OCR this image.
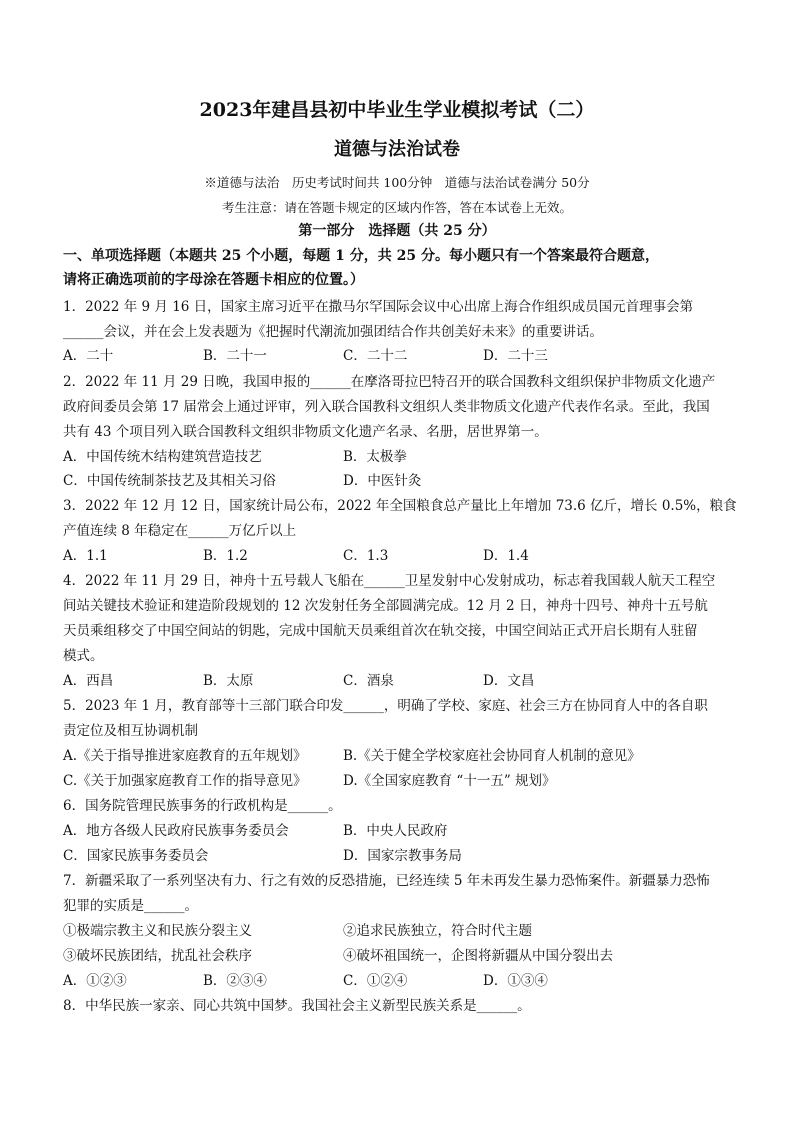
2023年建昌县初中毕业生学业模拟考试（二）
道德与法治试卷
※道德与法治　历史考试时间共 100分钟　道德与法治试卷满分 50分
考生注意：请在答题卡规定的区域内作答，答在本试卷上无效。
第一部分　选择题（共 25 分）
一、单项选择题（本题共 25 个小题，每题 1 分，共 25 分。每小题只有一个答案最符合题意，
请将正确选项前的字母涂在答题卡相应的位置。）
1．2022 年 9 月 16 日，国家主席习近平在撒马尔罕国际会议中心出席上海合作组织成员国元首理事会第
______会议，并在会上发表题为《把握时代潮流加强团结合作共创美好未来》的重要讲话。
A．二十	B．二十一	C．二十二	D．二十三
2．2022 年 11 月 29 日晚，我国申报的______在摩洛哥拉巴特召开的联合国教科文组织保护非物质文化遗产
政府间委员会第 17 届常会上通过评审，列入联合国教科文组织人类非物质文化遗产代表作名录。至此，我国
共有 43 个项目列入联合国教科文组织非物质文化遗产名录、名册，居世界第一。
A．中国传统木结构建筑营造技艺	B．太极拳
C．中国传统制茶技艺及其相关习俗	D．中医针灸
3．2022 年 12 月 12 日，国家统计局公布，2022 年全国粮食总产量比上年增加 73.6 亿斤，增长 0.5%，粮食
产值连续 8 年稳定在______万亿斤以上
A．1.1	B．1.2	C．1.3	D．1.4
4．2022 年 11 月 29 日，神舟十五号载人飞船在______卫星发射中心发射成功，标志着我国载人航天工程空
间站关键技术验证和建造阶段规划的 12 次发射任务全部圆满完成。12 月 2 日，神舟十四号、神舟十五号航
天员乘组移交了中国空间站的钥匙，完成中国航天员乘组首次在轨交接，中国空间站正式开启长期有人驻留
模式。
A．西昌	B．太原	C．酒泉	D．文昌
5．2023 年 1 月，教育部等十三部门联合印发______，明确了学校、家庭、社会三方在协同育人中的各自职
责定位及相互协调机制
A.《关于指导推进家庭教育的五年规划》	B.《关于健全学校家庭社会协同育人机制的意见》
C.《关于加强家庭教育工作的指导意见》	D.《全国家庭教育 “十一五” 规划》
6．国务院管理民族事务的行政机构是______。
A．地方各级人民政府民族事务委员会	B．中央人民政府
C．国家民族事务委员会	D．国家宗教事务局
7．新疆采取了一系列坚决有力、行之有效的反恐措施，已经连续 5 年未再发生暴力恐怖案件。新疆暴力恐怖
犯罪的实质是______。
①极端宗教主义和民族分裂主义	②追求民族独立，符合时代主题
③破坏民族团结，扰乱社会秩序	④破坏祖国统一，企图将新疆从中国分裂出去
A．①②③	B．②③④	C．①②④	D．①③④
8．中华民族一家亲、同心共筑中国梦。我国社会主义新型民族关系是______。
